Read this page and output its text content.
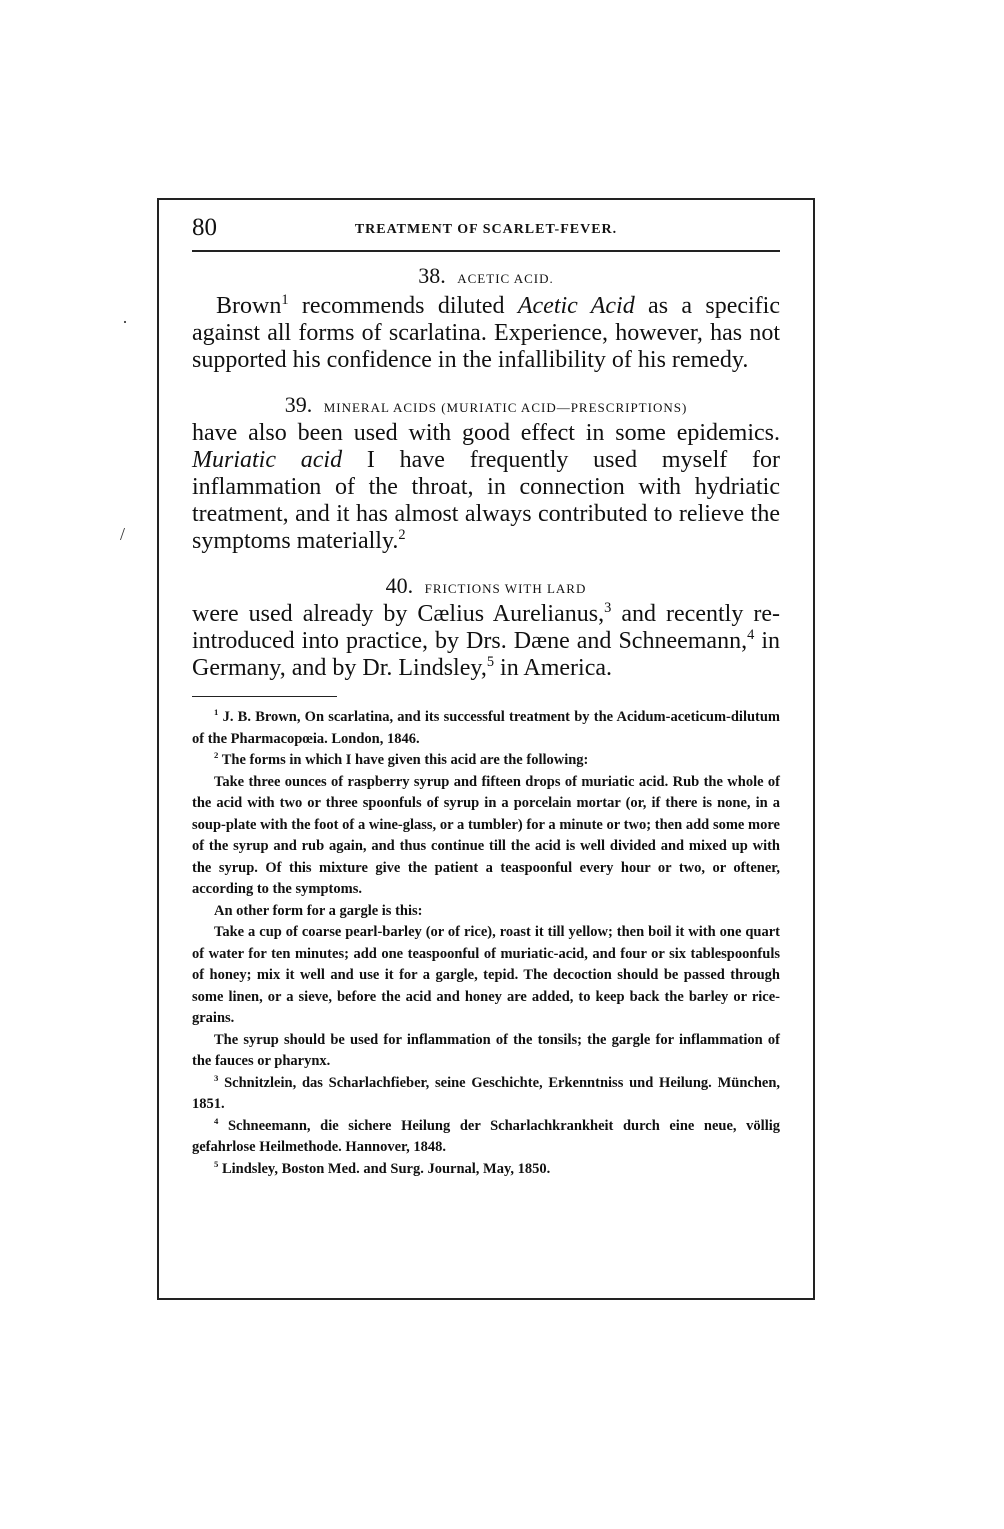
·
/
80	TREATMENT OF SCARLET-FEVER.
38. ACETIC ACID.

Brown$^1$ recommends diluted Acetic Acid as a specific against all forms of scarlatina. Experience, however, has not supported his confidence in the infallibility of his remedy.

39. MINERAL ACIDS (MURIATIC ACID—PRESCRIPTIONS)

have also been used with good effect in some epidemics. Muriatic acid I have frequently used myself for inflammation of the throat, in connection with hydriatic treatment, and it has almost always contributed to relieve the symptoms materially.$^2$

40. FRICTIONS WITH LARD

were used already by Cælius Aurelianus,$^3$ and recently re-introduced into practice, by Drs. Dæne and Schneemann,$^4$ in Germany, and by Dr. Lindsley,$^5$ in America.

$^1$ J. B. Brown, On scarlatina, and its successful treatment by the Acidum-aceticum-dilutum of the Pharmacopœia. London, 1846.

$^2$ The forms in which I have given this acid are the following:

Take three ounces of raspberry syrup and fifteen drops of muriatic acid. Rub the whole of the acid with two or three spoonfuls of syrup in a porcelain mortar (or, if there is none, in a soup-plate with the foot of a wine-glass, or a tumbler) for a minute or two; then add some more of the syrup and rub again, and thus continue till the acid is well divided and mixed up with the syrup. Of this mixture give the patient a teaspoonful every hour or two, or oftener, according to the symptoms.

An other form for a gargle is this:

Take a cup of coarse pearl-barley (or of rice), roast it till yellow; then boil it with one quart of water for ten minutes; add one teaspoonful of muriatic-acid, and four or six tablespoonfuls of honey; mix it well and use it for a gargle, tepid. The decoction should be passed through some linen, or a sieve, before the acid and honey are added, to keep back the barley or rice-grains.

The syrup should be used for inflammation of the tonsils; the gargle for inflammation of the fauces or pharynx.

$^3$ Schnitzlein, das Scharlachfieber, seine Geschichte, Erkenntniss und Heilung. München, 1851.

$^4$ Schneemann, die sichere Heilung der Scharlachkrankheit durch eine neue, völlig gefahrlose Heilmethode. Hannover, 1848.

$^5$ Lindsley, Boston Med. and Surg. Journal, May, 1850.
